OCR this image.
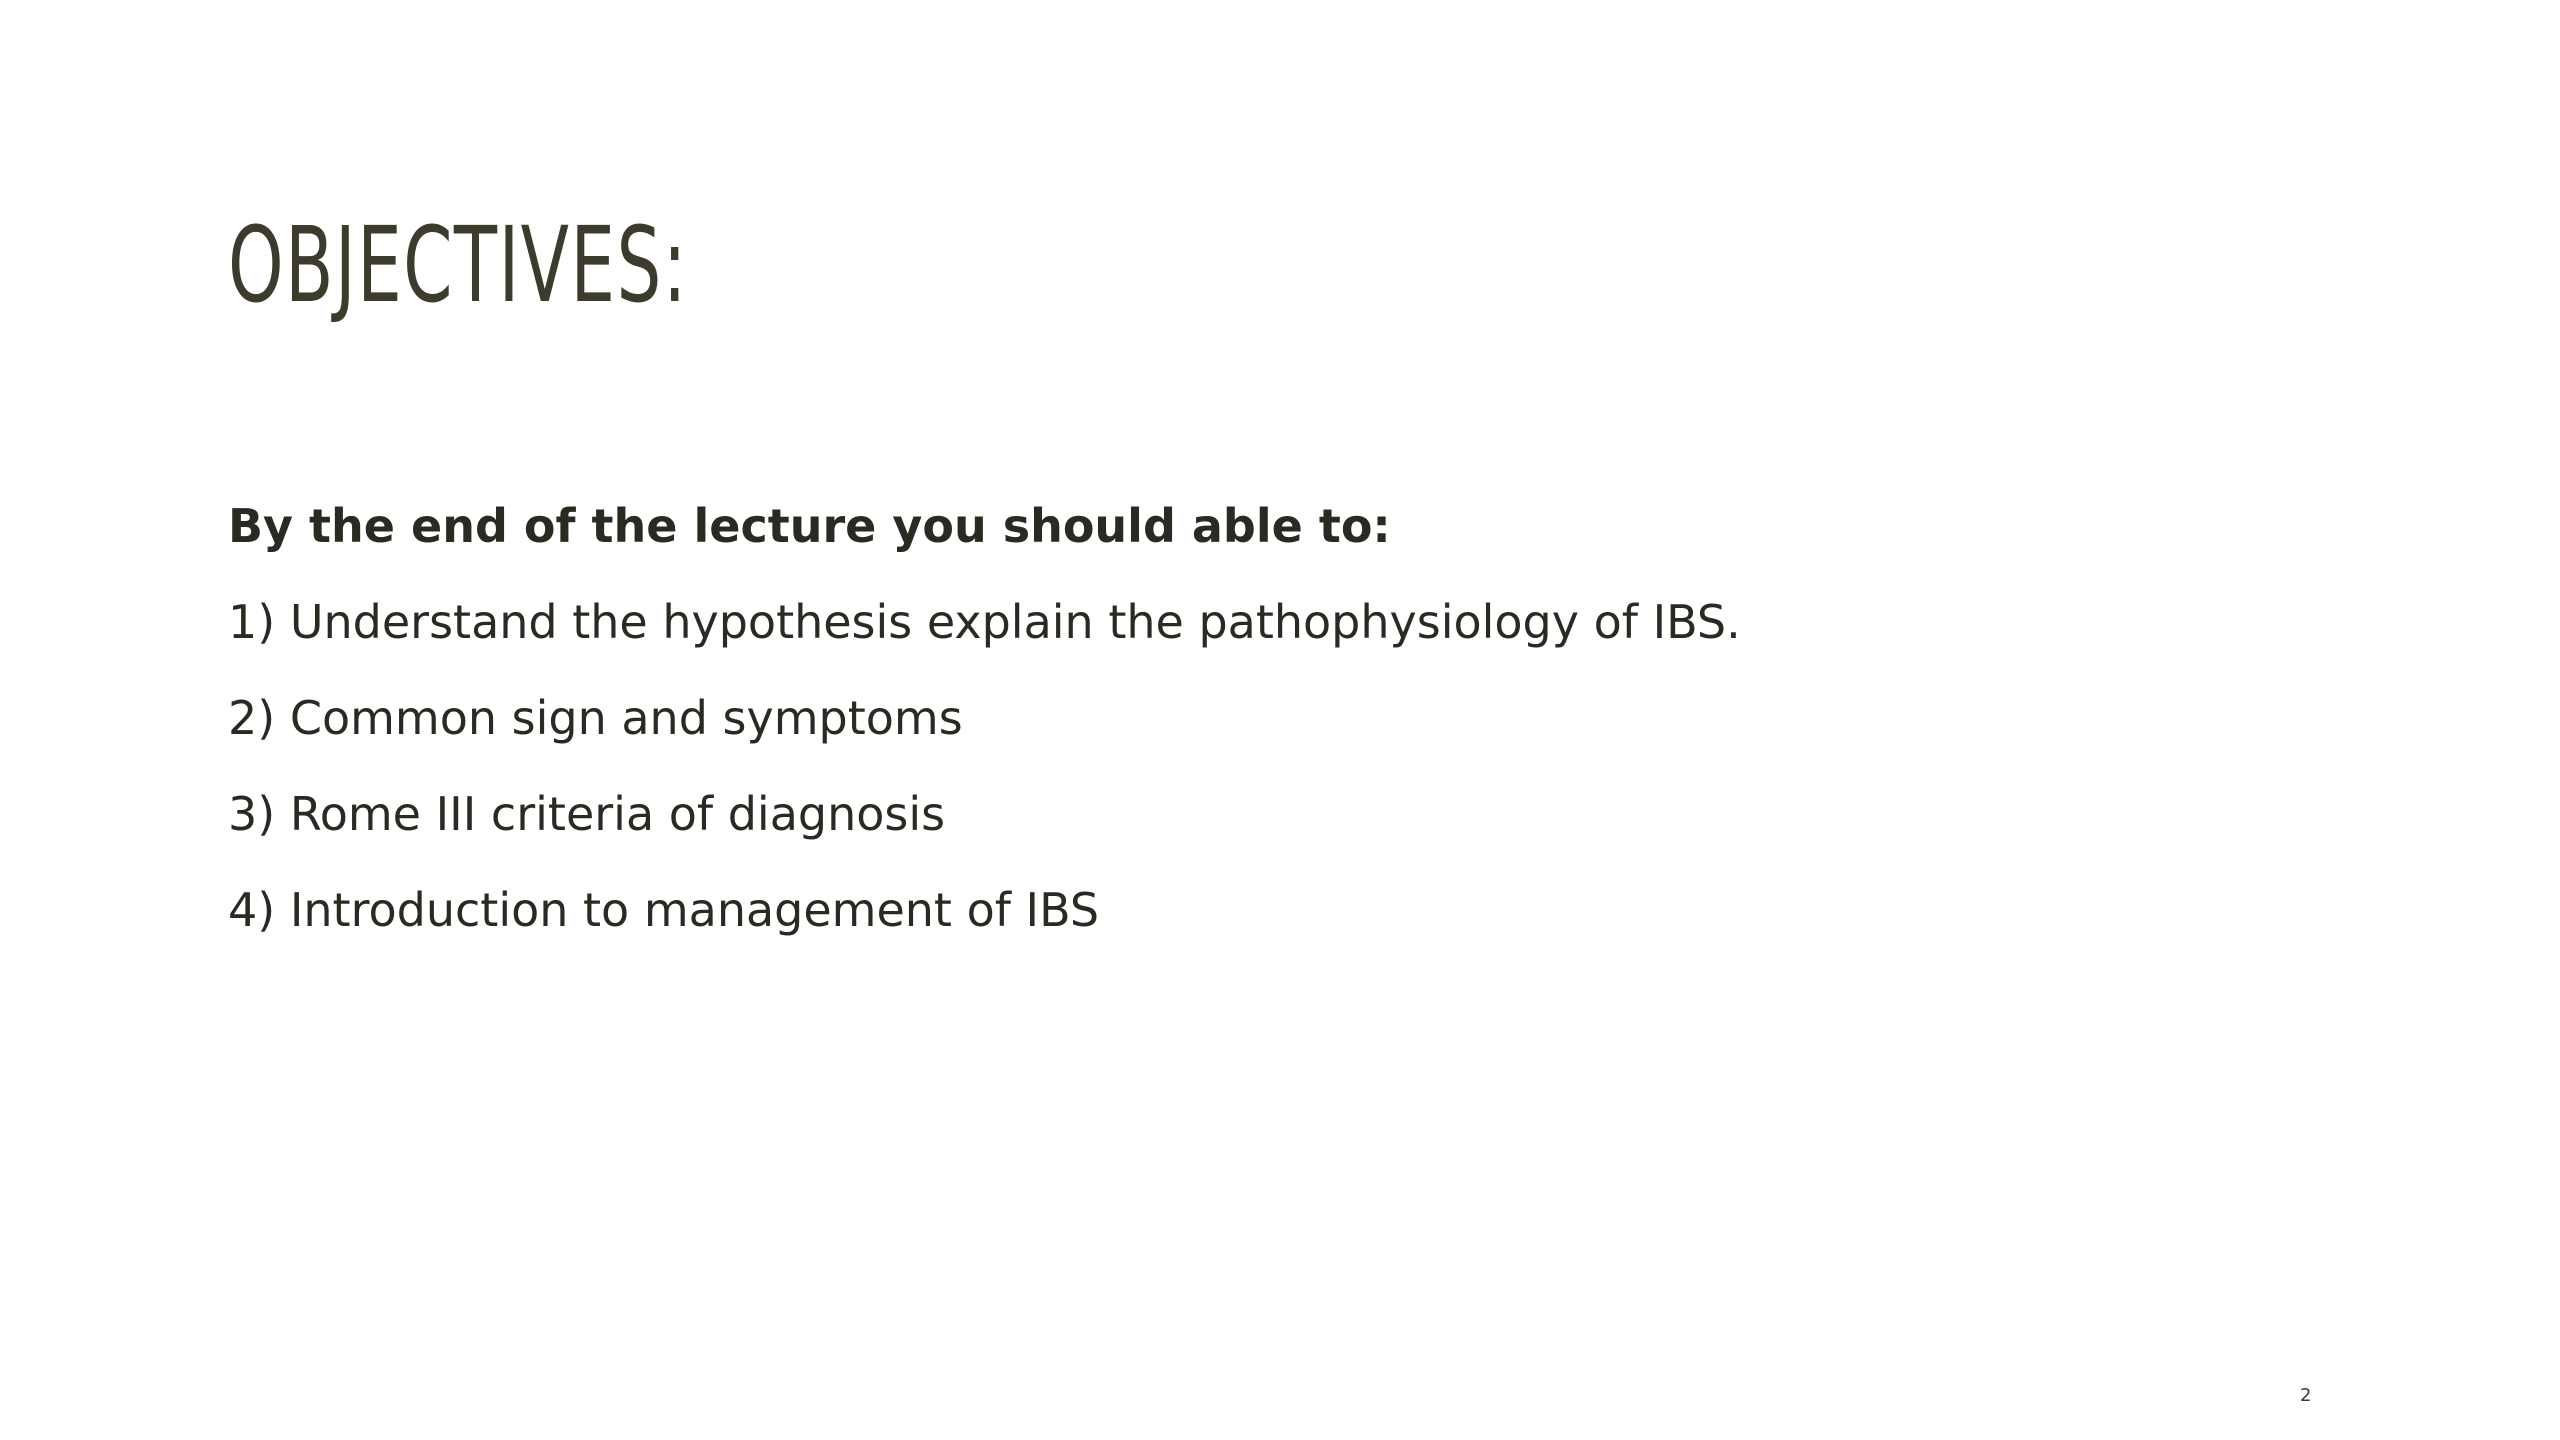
OBJECTIVES:
By the end of the lecture you should able to:
1) Understand the hypothesis explain the pathophysiology of IBS.
2) Common sign and symptoms
3) Rome III criteria of diagnosis
4) Introduction to management of IBS
2
